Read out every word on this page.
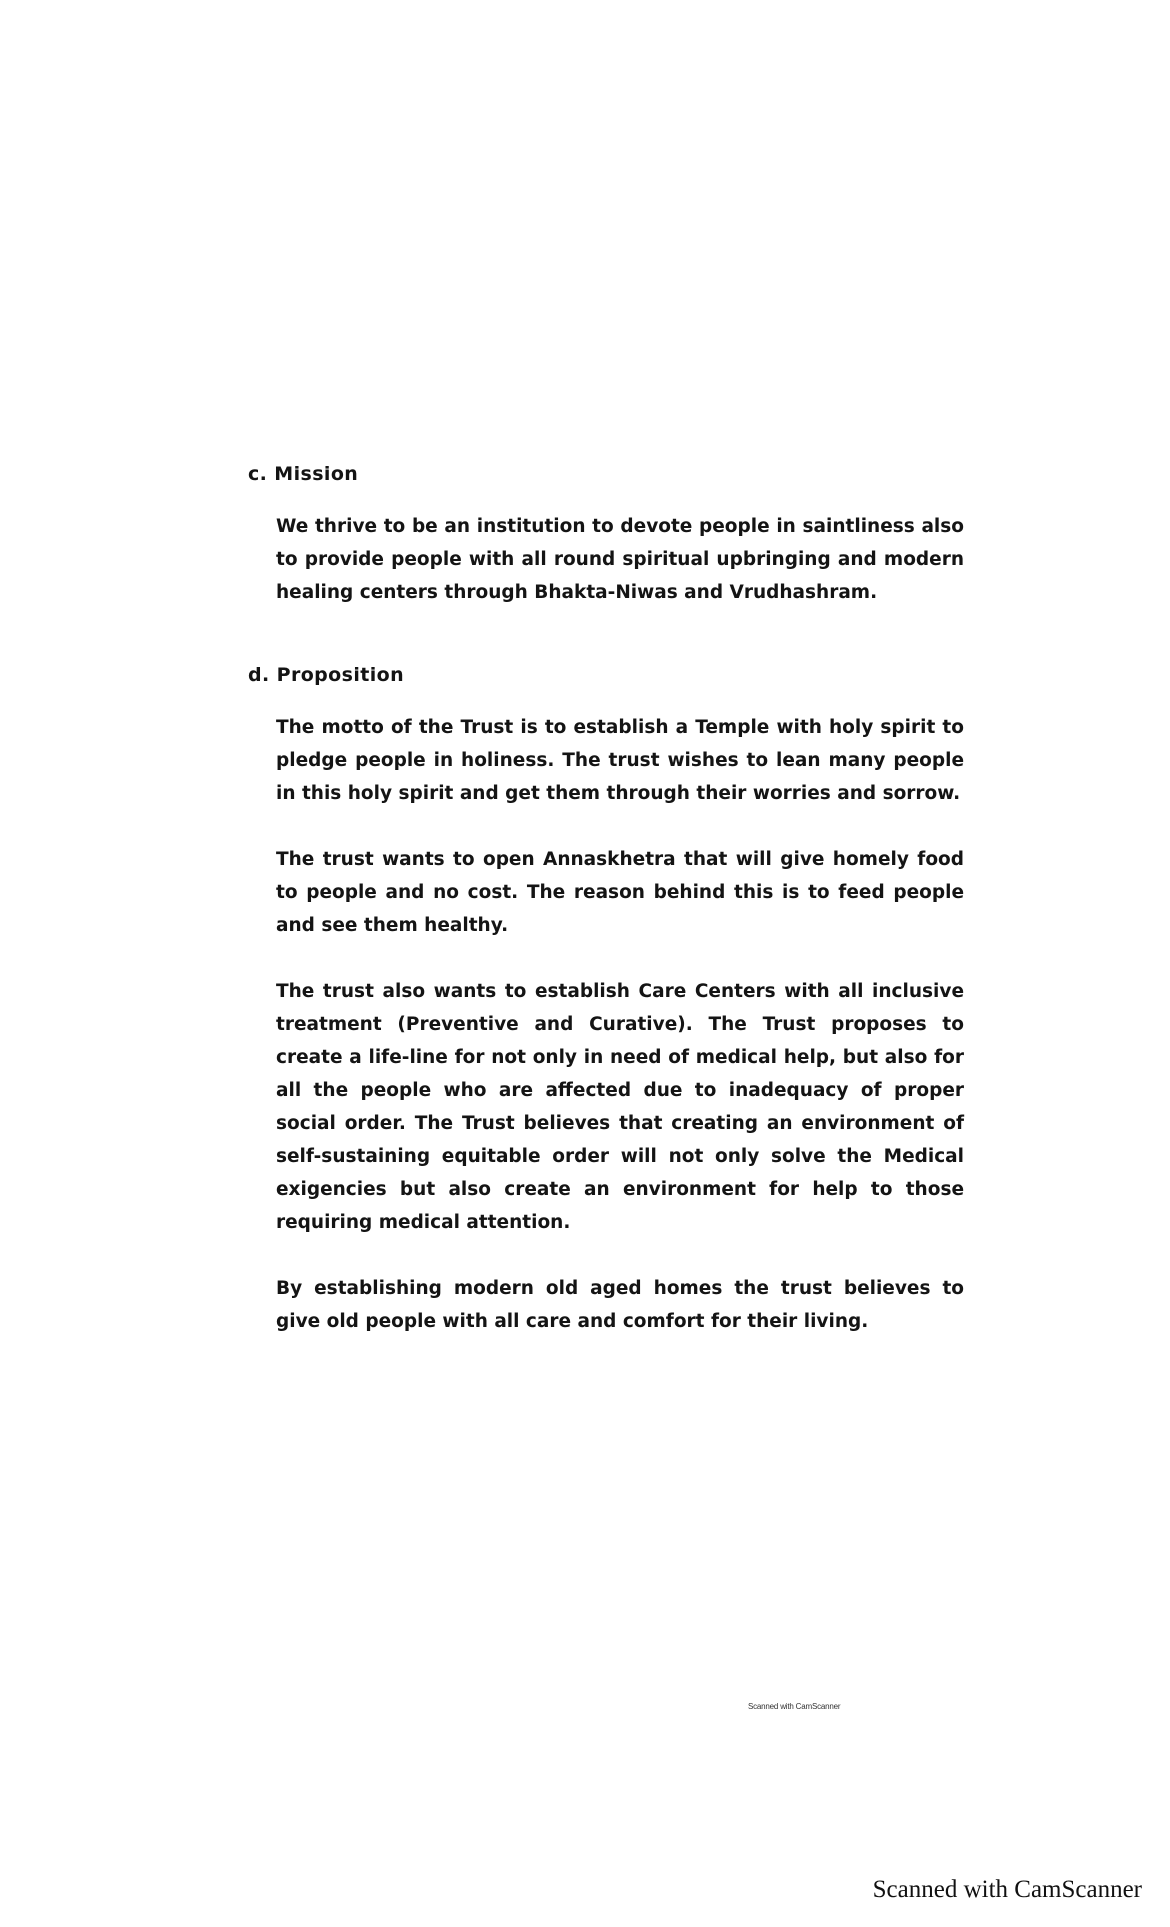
c. Mission

We thrive to be an institution to devote people in saintliness also to provide people with all round spiritual upbringing and modern healing centers through Bhakta-Niwas and Vrudhashram.

d. Proposition

The motto of the Trust is to establish a Temple with holy spirit to pledge people in holiness. The trust wishes to lean many people in this holy spirit and get them through their worries and sorrow.

The trust wants to open Annaskhetra that will give homely food to people and no cost. The reason behind this is to feed people and see them healthy.

The trust also wants to establish Care Centers with all inclusive treatment (Preventive and Curative). The Trust proposes to create a life-line for not only in need of medical help, but also for all the people who are affected due to inadequacy of proper social order. The Trust believes that creating an environment of self-sustaining equitable order will not only solve the Medical exigencies but also create an environment for help to those requiring medical attention.

By establishing modern old aged homes the trust believes to give old people with all care and comfort for their living.

Scanned with CamScanner
Scanned with CamScanner
